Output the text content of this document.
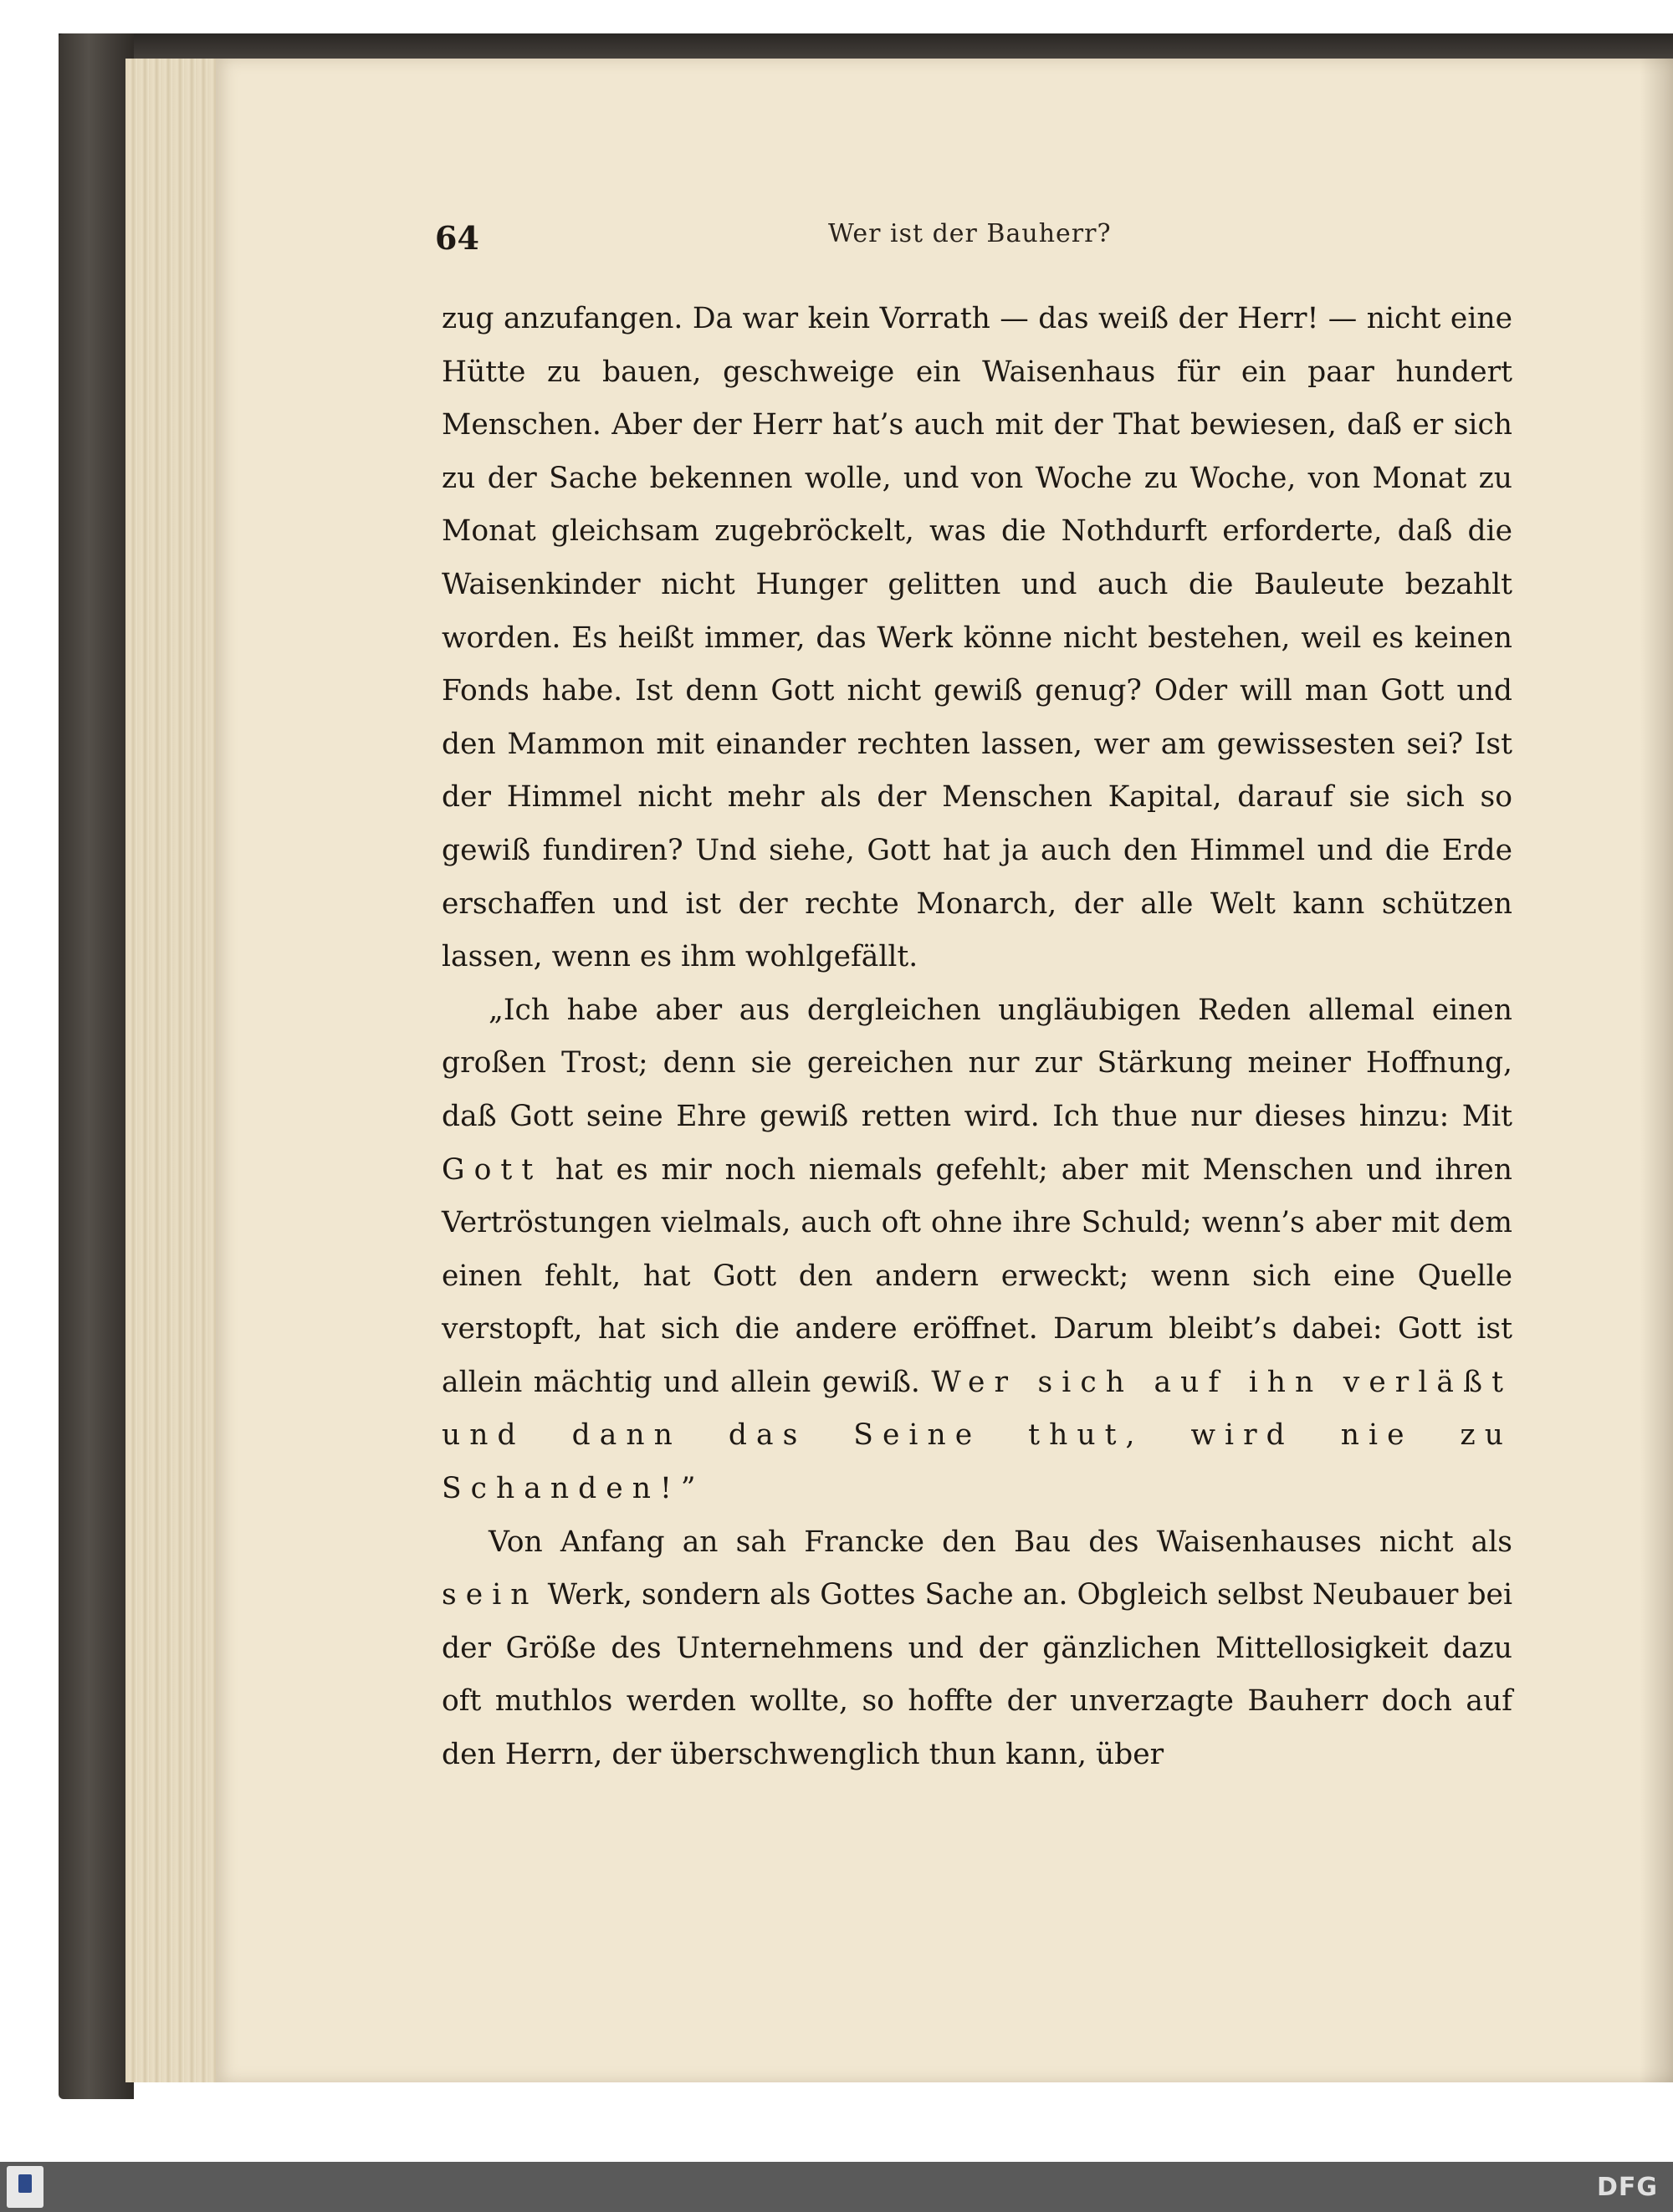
64	Wer ist der Bauherr?

zug anzufangen. Da war kein Vorrath — das weiß der Herr! — nicht eine Hütte zu bauen, geschweige ein Waisenhaus für ein paar hundert Menschen. Aber der Herr hat’s auch mit der That bewiesen, daß er sich zu der Sache bekennen wolle, und von Woche zu Woche, von Monat zu Monat gleichsam zugebröckelt, was die Nothdurft erforderte, daß die Waisenkinder nicht Hunger gelitten und auch die Bauleute bezahlt worden. Es heißt immer, das Werk könne nicht bestehen, weil es keinen Fonds habe. Ist denn Gott nicht gewiß genug? Oder will man Gott und den Mammon mit einander rechten lassen, wer am gewissesten sei? Ist der Himmel nicht mehr als der Menschen Kapital, darauf sie sich so gewiß fundiren? Und siehe, Gott hat ja auch den Himmel und die Erde erschaffen und ist der rechte Monarch, der alle Welt kann schützen lassen, wenn es ihm wohlgefällt.

„Ich habe aber aus dergleichen ungläubigen Reden allemal einen großen Trost; denn sie gereichen nur zur Stärkung meiner Hoffnung, daß Gott seine Ehre gewiß retten wird. Ich thue nur dieses hinzu: Mit Gott hat es mir noch niemals gefehlt; aber mit Menschen und ihren Vertröstungen vielmals, auch oft ohne ihre Schuld; wenn’s aber mit dem einen fehlt, hat Gott den andern erweckt; wenn sich eine Quelle verstopft, hat sich die andere eröffnet. Darum bleibt’s dabei: Gott ist allein mächtig und allein gewiß. Wer sich auf ihn verläßt und dann das Seine thut, wird nie zu Schanden!”

Von Anfang an sah Francke den Bau des Waisenhauses nicht als sein Werk, sondern als Gottes Sache an. Obgleich selbst Neubauer bei der Größe des Unternehmens und der gänzlichen Mittellosigkeit dazu oft muthlos werden wollte, so hoffte der unverzagte Bauherr doch auf den Herrn, der überschwenglich thun kann, über

DFG
